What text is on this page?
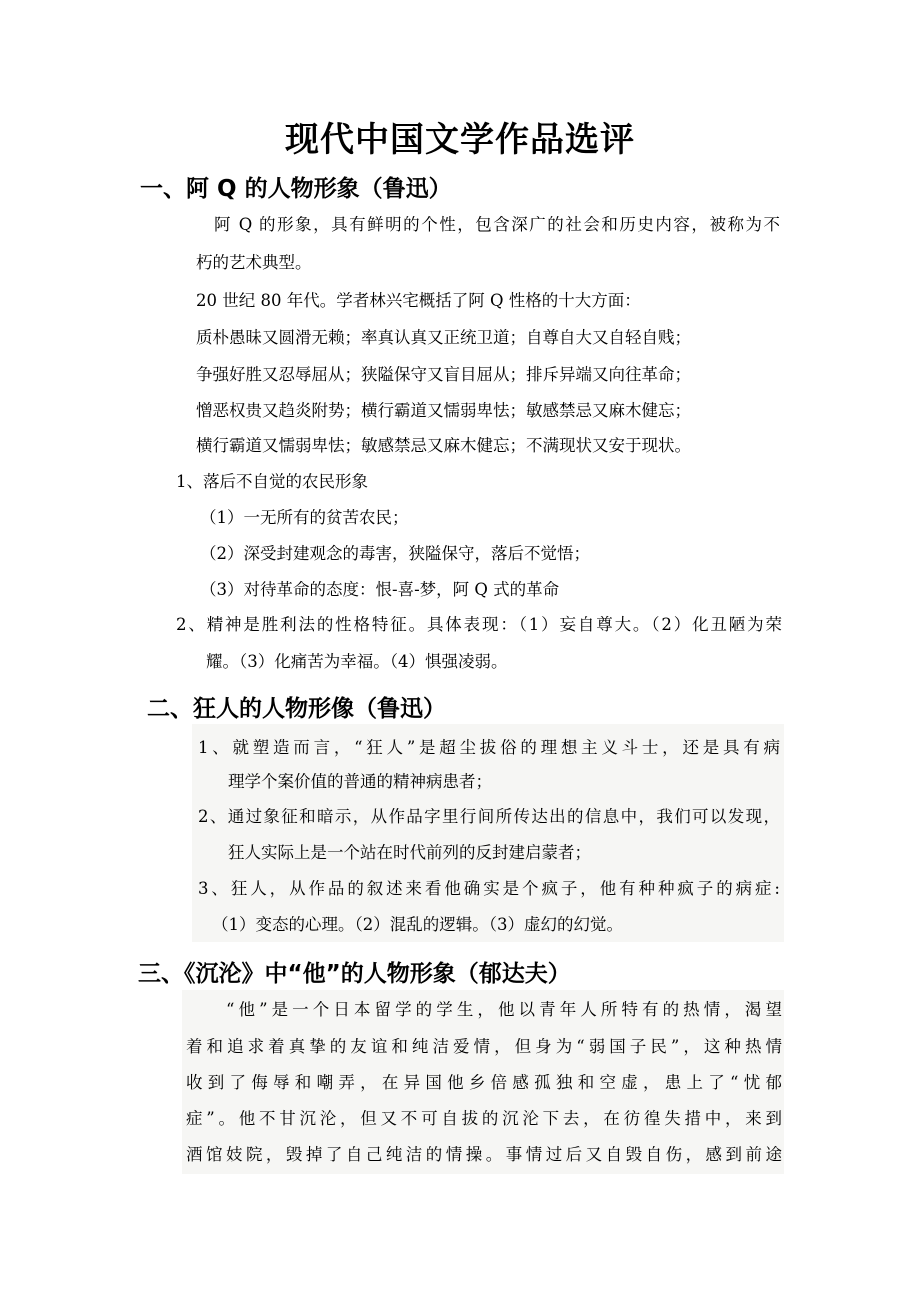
现代中国文学作品选评
一、阿 Q 的人物形象（鲁迅）
阿 Q 的形象，具有鲜明的个性，包含深广的社会和历史内容，被称为不
朽的艺术典型。
20 世纪 80 年代。学者林兴宅概括了阿 Q 性格的十大方面：
质朴愚昧又圆滑无赖；率真认真又正统卫道；自尊自大又自轻自贱；
争强好胜又忍辱屈从；狭隘保守又盲目屈从；排斥异端又向往革命；
憎恶权贵又趋炎附势；横行霸道又懦弱卑怯；敏感禁忌又麻木健忘；
横行霸道又懦弱卑怯；敏感禁忌又麻木健忘；不满现状又安于现状。
1、落后不自觉的农民形象
（1）一无所有的贫苦农民；
（2）深受封建观念的毒害，狭隘保守，落后不觉悟；
（3）对待革命的态度：恨-喜-梦，阿 Q 式的革命
2、精神是胜利法的性格特征。具体表现：（1）妄自尊大。（2）化丑陋为荣
耀。（3）化痛苦为幸福。（4）惧强凌弱。
二、狂人的人物形像（鲁迅）
1、就塑造而言，“狂人”是超尘拔俗的理想主义斗士，还是具有病
理学个案价值的普通的精神病患者；
2、通过象征和暗示，从作品字里行间所传达出的信息中，我们可以发现，
狂人实际上是一个站在时代前列的反封建启蒙者；
3、狂人，从作品的叙述来看他确实是个疯子，他有种种疯子的病症:
（1）变态的心理。（2）混乱的逻辑。（3）虚幻的幻觉。
三、《沉沦》中“他”的人物形象（郁达夫）
“他”是一个日本留学的学生，他以青年人所特有的热情，渴望
着和追求着真挚的友谊和纯洁爱情，但身为“弱国子民”，这种热情
收到了侮辱和嘲弄，在异国他乡倍感孤独和空虚，患上了“忧郁
症”。他不甘沉沦，但又不可自拔的沉沦下去，在彷徨失措中，来到
酒馆妓院，毁掉了自己纯洁的情操。事情过后又自毁自伤，感到前途
